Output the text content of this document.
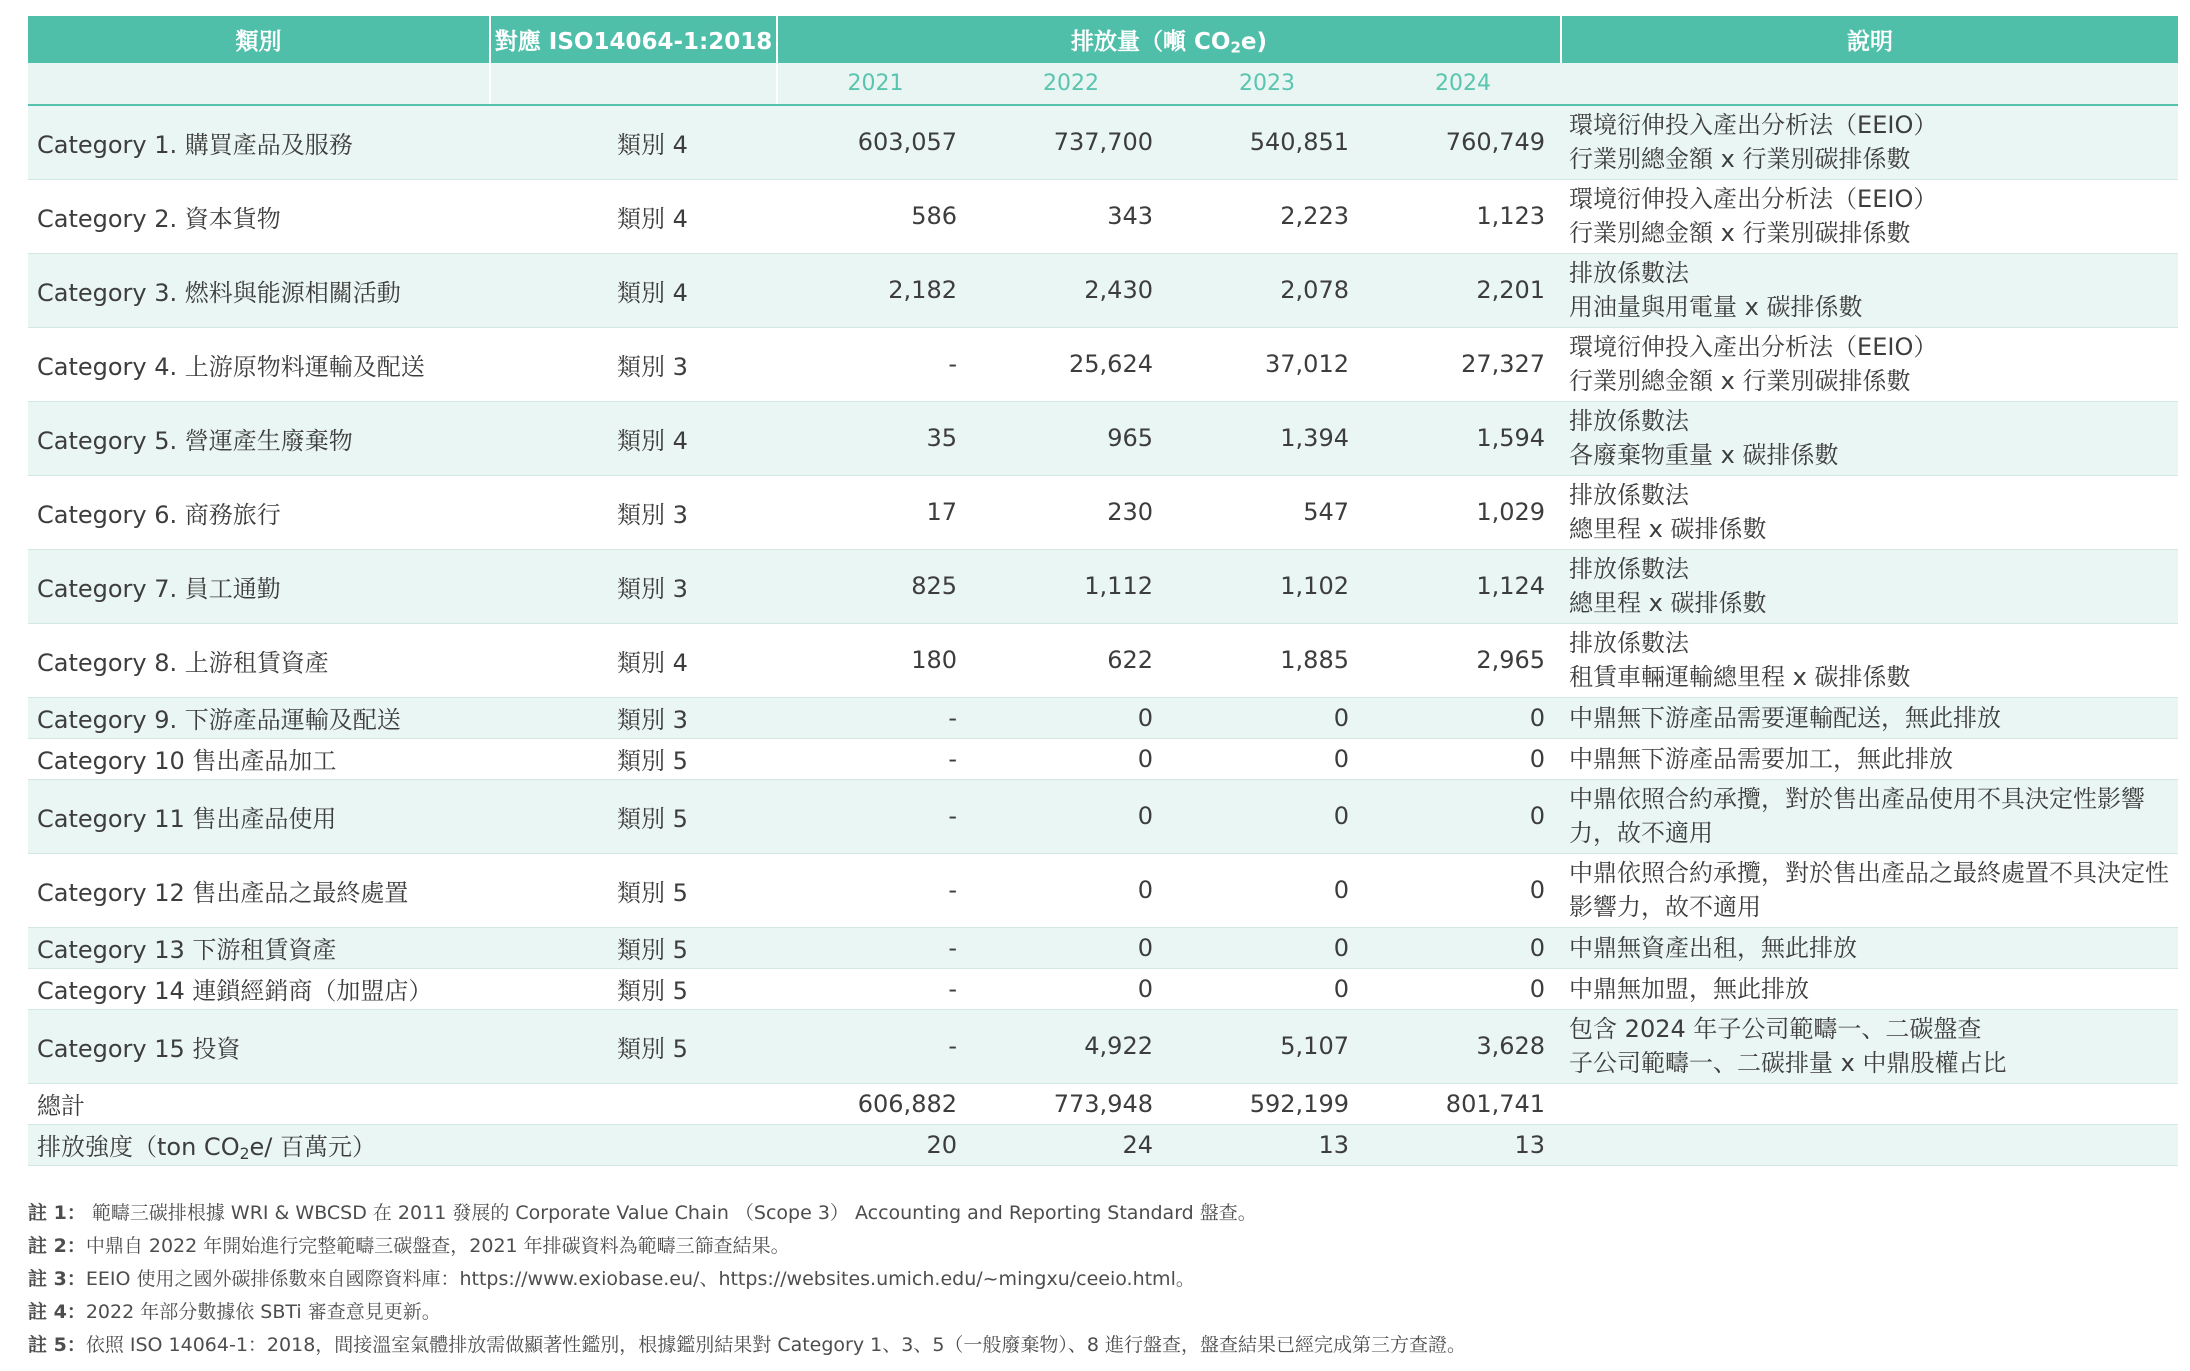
類別	對應 ISO14064-1:2018	排放量（噸 $CO_2e$)				說明
		2021	2022	2023	2024	
Category 1. 購買產品及服務	類別 4	603,057	737,700	540,851	760,749	環境衍伸投入產出分析法（EEIO）
行業別總金額 x 行業別碳排係數

Category 2. 資本貨物	類別 4	586	343	2,223	1,123	環境衍伸投入產出分析法（EEIO）
行業別總金額 x 行業別碳排係數

Category 3. 燃料與能源相關活動	類別 4	2,182	2,430	2,078	2,201	排放係數法
用油量與用電量 x 碳排係數

Category 4. 上游原物料運輸及配送	類別 3	-	25,624	37,012	27,327	環境衍伸投入產出分析法（EEIO）
行業別總金額 x 行業別碳排係數

Category 5. 營運產生廢棄物	類別 4	35	965	1,394	1,594	排放係數法
各廢棄物重量 x 碳排係數

Category 6. 商務旅行	類別 3	17	230	547	1,029	排放係數法
總里程 x 碳排係數

Category 7. 員工通勤	類別 3	825	1,112	1,102	1,124	排放係數法
總里程 x 碳排係數

Category 8. 上游租賃資產	類別 4	180	622	1,885	2,965	排放係數法
租賃車輛運輸總里程 x 碳排係數

Category 9. 下游產品運輸及配送	類別 3	-	0	0	0	中鼎無下游產品需要運輸配送，無此排放

Category 10 售出產品加工	類別 5	-	0	0	0	中鼎無下游產品需要加工，無此排放

Category 11 售出產品使用	類別 5	-	0	0	0	中鼎依照合約承攬，對於售出產品使用不具決定性影響
力，故不適用

Category 12 售出產品之最終處置	類別 5	-	0	0	0	中鼎依照合約承攬，對於售出產品之最終處置不具決定性
影響力，故不適用

Category 13 下游租賃資產	類別 5	-	0	0	0	中鼎無資產出租，無此排放

Category 14 連鎖經銷商（加盟店）	類別 5	-	0	0	0	中鼎無加盟，無此排放

Category 15 投資	類別 5	-	4,922	5,107	3,628	包含 2024 年子公司範疇一、二碳盤查
子公司範疇一、二碳排量 x 中鼎股權占比

總計		606,882	773,948	592,199	801,741	
排放強度（ton $CO_2e/$ 百萬元）		20	24	13	13	
註 1： 範疇三碳排根據 WRI & WBCSD 在 2011 發展的 Corporate Value Chain （Scope 3） Accounting and Reporting Standard 盤查。
註 2：中鼎自 2022 年開始進行完整範疇三碳盤查，2021 年排碳資料為範疇三篩查結果。
註 3：EEIO 使用之國外碳排係數來自國際資料庫：https://www.exiobase.eu/、https://websites.umich.edu/~mingxu/ceeio.html。
註 4：2022 年部分數據依 SBTi 審查意見更新。
註 5：依照 ISO 14064-1：2018，間接溫室氣體排放需做顯著性鑑別，根據鑑別結果對 Category 1、3、5（一般廢棄物）、8 進行盤查，盤查結果已經完成第三方查證。
